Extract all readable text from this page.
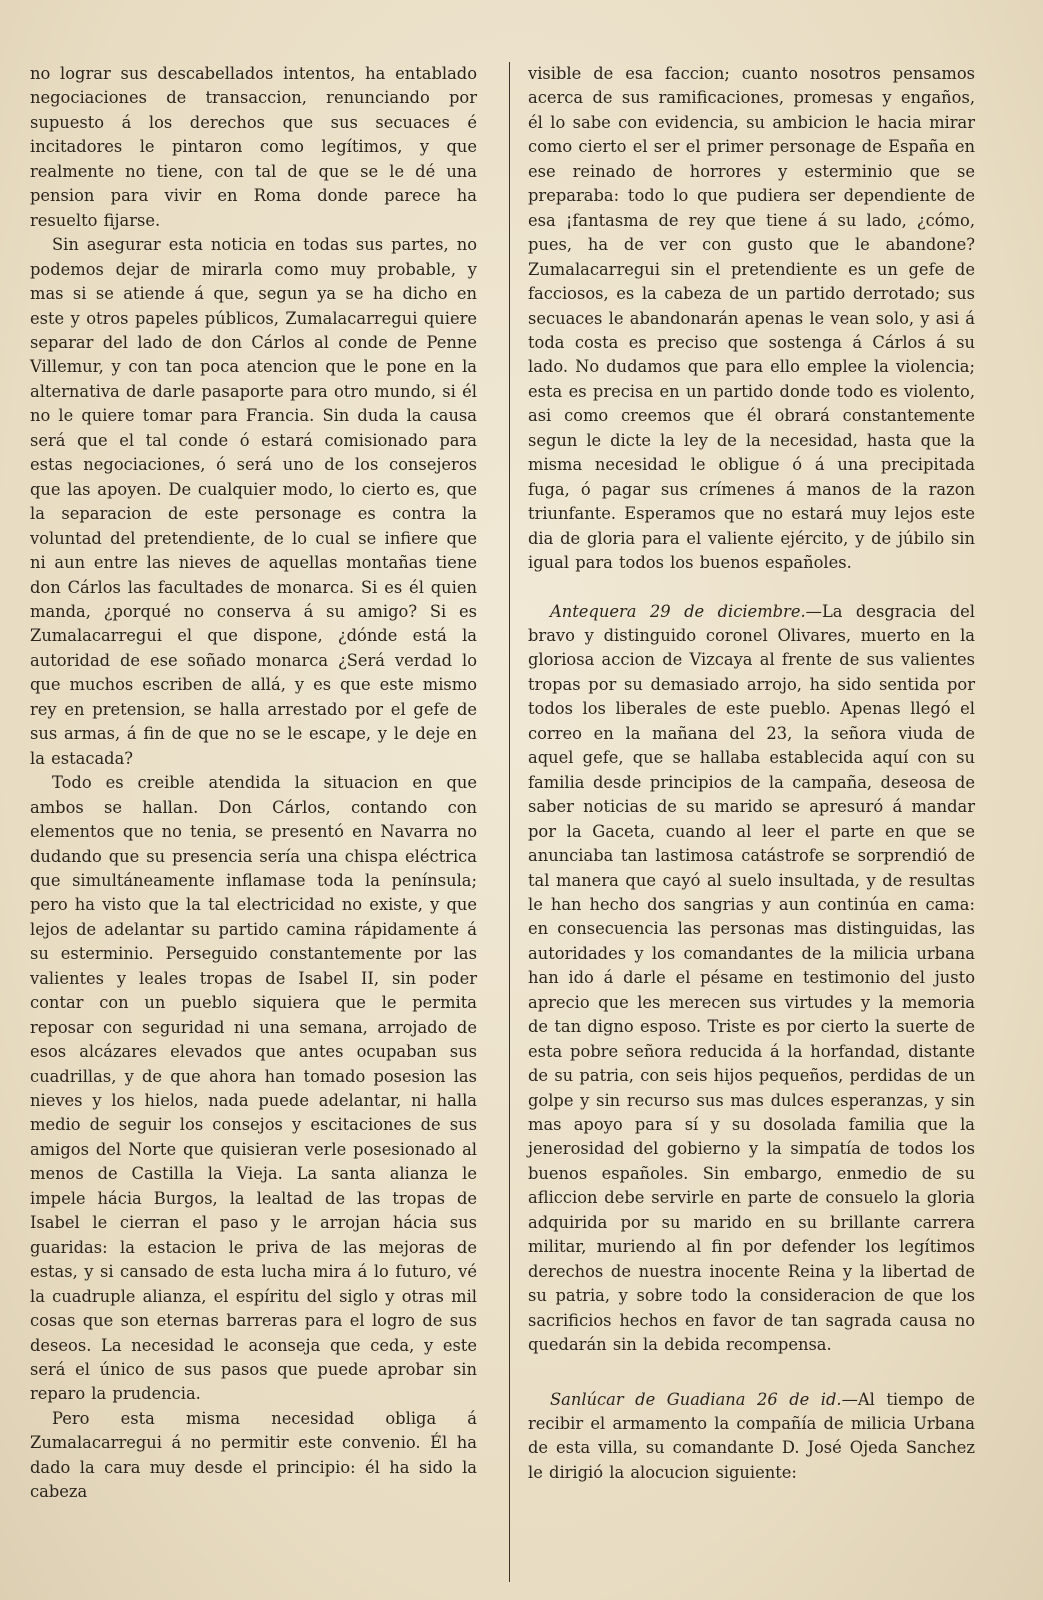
no lograr sus descabellados intentos, ha entablado negociaciones de transaccion, renunciando por supuesto á los derechos que sus secuaces é incitadores le pintaron como legítimos, y que realmente no tiene, con tal de que se le dé una pension para vivir en Roma donde parece ha resuelto fijarse.

Sin asegurar esta noticia en todas sus partes, no podemos dejar de mirarla como muy probable, y mas si se atiende á que, segun ya se ha dicho en este y otros papeles públicos, Zumalacarregui quiere separar del lado de don Cárlos al conde de Penne Villemur, y con tan poca atencion que le pone en la alternativa de darle pasaporte para otro mundo, si él no le quiere tomar para Francia. Sin duda la causa será que el tal conde ó estará comisionado para estas negociaciones, ó será uno de los consejeros que las apoyen. De cualquier modo, lo cierto es, que la separacion de este personage es contra la voluntad del pretendiente, de lo cual se infiere que ni aun entre las nieves de aquellas montañas tiene don Cárlos las facultades de monarca. Si es él quien manda, ¿porqué no conserva á su amigo? Si es Zumalacarregui el que dispone, ¿dónde está la autoridad de ese soñado monarca ¿Será verdad lo que muchos escriben de allá, y es que este mismo rey en pretension, se halla arrestado por el gefe de sus armas, á fin de que no se le escape, y le deje en la estacada?

Todo es creible atendida la situacion en que ambos se hallan. Don Cárlos, contando con elementos que no tenia, se presentó en Navarra no dudando que su presencia sería una chispa eléctrica que simultáneamente inflamase toda la península; pero ha visto que la tal electricidad no existe, y que lejos de adelantar su partido camina rápidamente á su esterminio. Perseguido constantemente por las valientes y leales tropas de Isabel II, sin poder contar con un pueblo siquiera que le permita reposar con seguridad ni una semana, arrojado de esos alcázares elevados que antes ocupaban sus cuadrillas, y de que ahora han tomado posesion las nieves y los hielos, nada puede adelantar, ni halla medio de seguir los consejos y escitaciones de sus amigos del Norte que quisieran verle posesionado al menos de Castilla la Vieja. La santa alianza le impele hácia Burgos, la lealtad de las tropas de Isabel le cierran el paso y le arrojan hácia sus guaridas: la estacion le priva de las mejoras de estas, y si cansado de esta lucha mira á lo futuro, vé la cuadruple alianza, el espíritu del siglo y otras mil cosas que son eternas barreras para el logro de sus deseos. La necesidad le aconseja que ceda, y este será el único de sus pasos que puede aprobar sin reparo la prudencia.

Pero esta misma necesidad obliga á Zumalacarregui á no permitir este convenio. Él ha dado la cara muy desde el principio: él ha sido la cabeza

visible de esa faccion; cuanto nosotros pensamos acerca de sus ramificaciones, promesas y engaños, él lo sabe con evidencia, su ambicion le hacia mirar como cierto el ser el primer personage de España en ese reinado de horrores y esterminio que se preparaba: todo lo que pudiera ser dependiente de esa ¡fantasma de rey que tiene á su lado, ¿cómo, pues, ha de ver con gusto que le abandone? Zumalacarregui sin el pretendiente es un gefe de facciosos, es la cabeza de un partido derrotado; sus secuaces le abandonarán apenas le vean solo, y asi á toda costa es preciso que sostenga á Cárlos á su lado. No dudamos que para ello emplee la violencia; esta es precisa en un partido donde todo es violento, asi como creemos que él obrará constantemente segun le dicte la ley de la necesidad, hasta que la misma necesidad le obligue ó á una precipitada fuga, ó pagar sus crímenes á manos de la razon triunfante. Esperamos que no estará muy lejos este dia de gloria para el valiente ejército, y de júbilo sin igual para todos los buenos españoles.

Antequera 29 de diciembre.—La desgracia del bravo y distinguido coronel Olivares, muerto en la gloriosa accion de Vizcaya al frente de sus valientes tropas por su demasiado arrojo, ha sido sentida por todos los liberales de este pueblo. Apenas llegó el correo en la mañana del 23, la señora viuda de aquel gefe, que se hallaba establecida aquí con su familia desde principios de la campaña, deseosa de saber noticias de su marido se apresuró á mandar por la Gaceta, cuando al leer el parte en que se anunciaba tan lastimosa catástrofe se sorprendió de tal manera que cayó al suelo insultada, y de resultas le han hecho dos sangrias y aun continúa en cama: en consecuencia las personas mas distinguidas, las autoridades y los comandantes de la milicia urbana han ido á darle el pésame en testimonio del justo aprecio que les merecen sus virtudes y la memoria de tan digno esposo. Triste es por cierto la suerte de esta pobre señora reducida á la horfandad, distante de su patria, con seis hijos pequeños, perdidas de un golpe y sin recurso sus mas dulces esperanzas, y sin mas apoyo para sí y su dosolada familia que la jenerosidad del gobierno y la simpatía de todos los buenos españoles. Sin embargo, enmedio de su afliccion debe servirle en parte de consuelo la gloria adquirida por su marido en su brillante carrera militar, muriendo al fin por defender los legítimos derechos de nuestra inocente Reina y la libertad de su patria, y sobre todo la consideracion de que los sacrificios hechos en favor de tan sagrada causa no quedarán sin la debida recompensa.

Sanlúcar de Guadiana 26 de id.—Al tiempo de recibir el armamento la compañía de milicia Urbana de esta villa, su comandante D. José Ojeda Sanchez le dirigió la alocucion siguiente:
